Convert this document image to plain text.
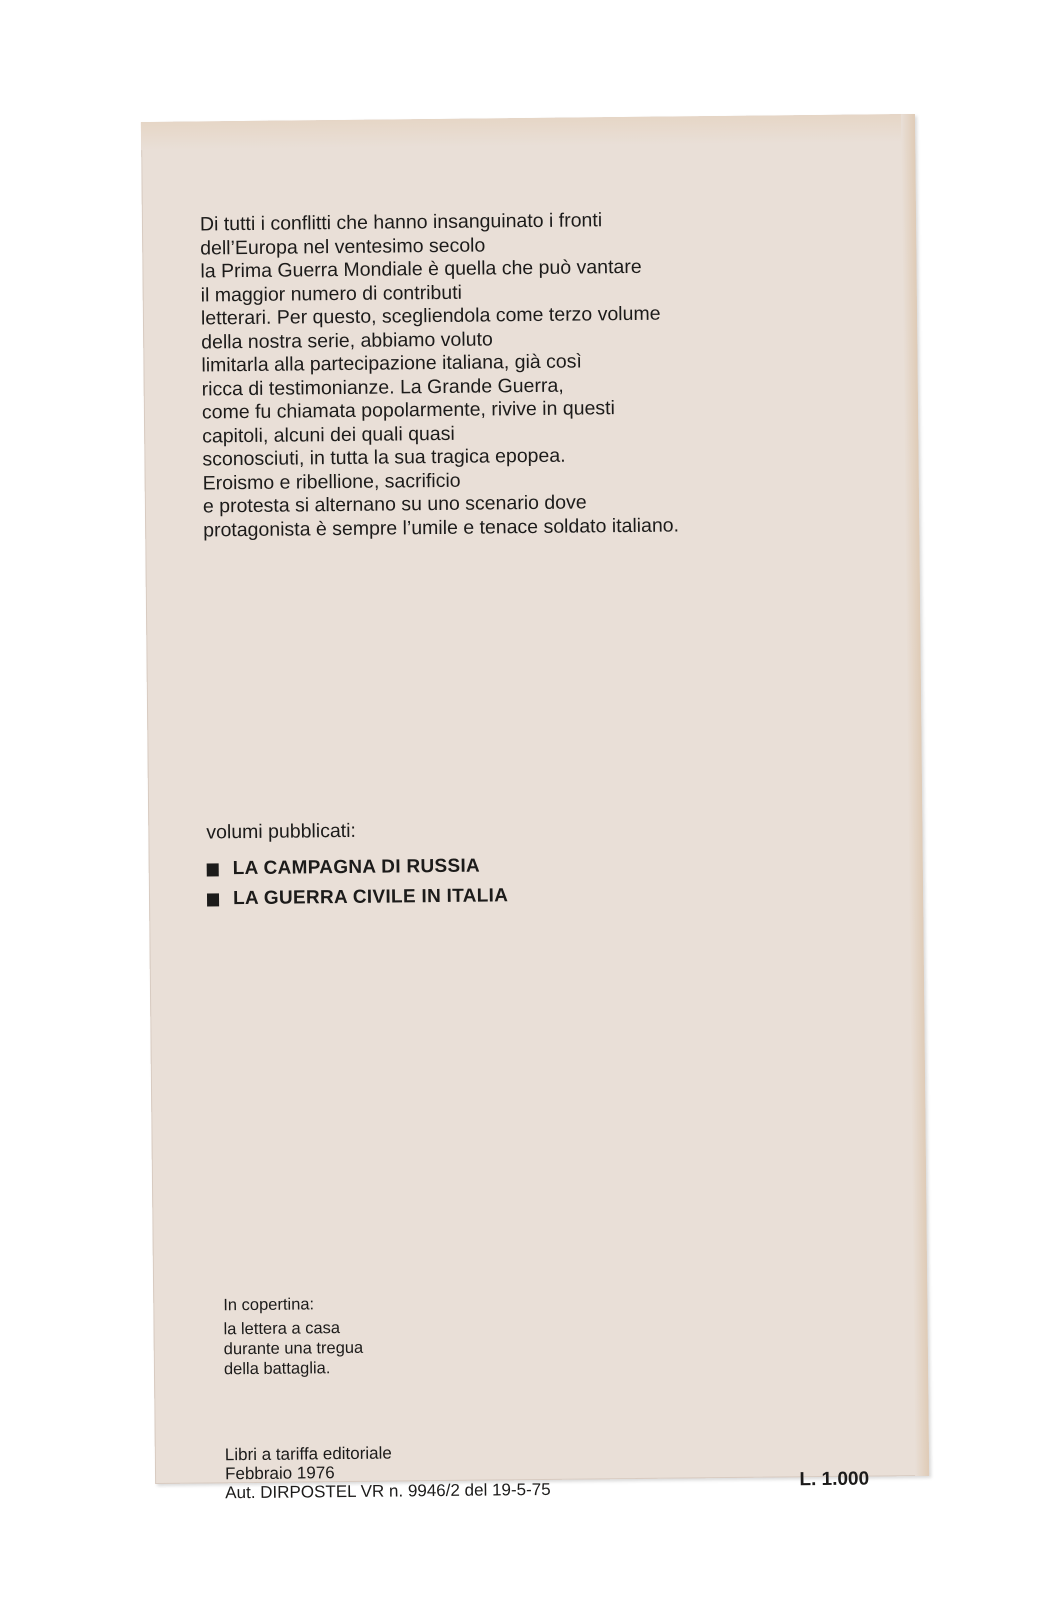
Di tutti i conflitti che hanno insanguinato i fronti
dell’Europa nel ventesimo secolo
la Prima Guerra Mondiale è quella che può vantare
il maggior numero di contributi
letterari. Per questo, scegliendola come terzo volume
della nostra serie, abbiamo voluto
limitarla alla partecipazione italiana, già così
ricca di testimonianze. La Grande Guerra,
come fu chiamata popolarmente, rivive in questi
capitoli, alcuni dei quali quasi
sconosciuti, in tutta la sua tragica epopea.
Eroismo e ribellione, sacrificio
e protesta si alternano su uno scenario dove
protagonista è sempre l’umile e tenace soldato italiano.

volumi pubblicati:
LA CAMPAGNA DI RUSSIA
LA GUERRA CIVILE IN ITALIA
In copertina:
la lettera a casa
durante una tregua
della battaglia.
Libri a tariffa editoriale
Febbraio 1976
Aut. DIRPOSTEL VR n. 9946/2 del 19-5-75
L. 1.000
